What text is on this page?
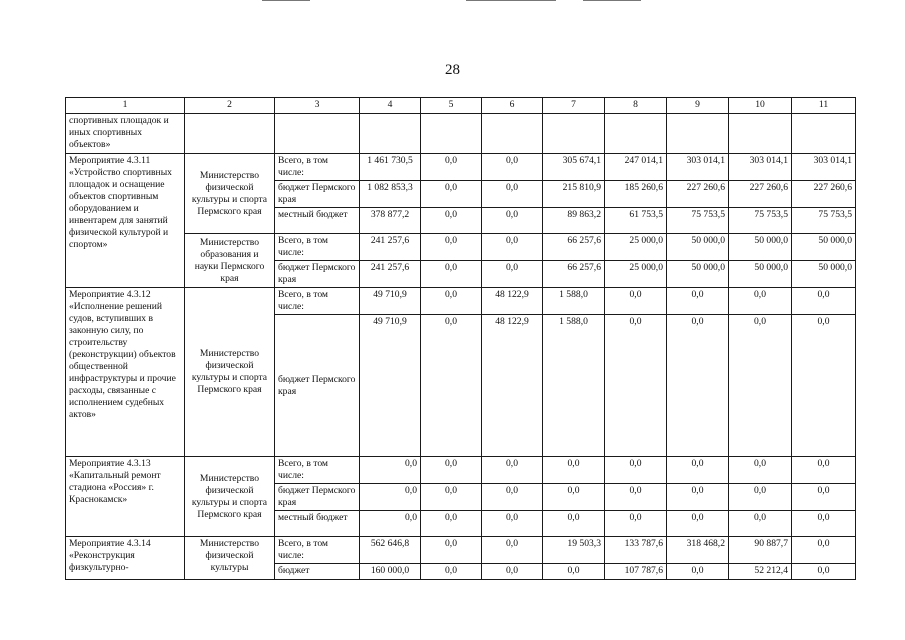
28
1	2	3	4	5	6	7	8	9	10	11
спортивных площадок и иных спортивных объектов»										
Мероприятие 4.3.11 «Устройство спортивных площадок и оснащение объектов спортивным оборудованием и инвентарем для занятий физической культурой и спортом»	Министерство физической культуры и спорта Пермского края	Всего, в том числе:	1 461 730,5	0,0	0,0	305 674,1	247 014,1	303 014,1	303 014,1	303 014,1
		бюджет Пермского края	1 082 853,3	0,0	0,0	215 810,9	185 260,6	227 260,6	227 260,6	227 260,6
		местный бюджет	378 877,2	0,0	0,0	89 863,2	61 753,5	75 753,5	75 753,5	75 753,5
	Министерство образования и науки Пермского края	Всего, в том числе:	241 257,6	0,0	0,0	66 257,6	25 000,0	50 000,0	50 000,0	50 000,0
		бюджет Пермского края	241 257,6	0,0	0,0	66 257,6	25 000,0	50 000,0	50 000,0	50 000,0
Мероприятие 4.3.12 «Исполнение решений судов, вступивших в законную силу, по строительству (реконструкции) объектов общественной инфраструктуры и прочие расходы, связанные с исполнением судебных актов»	Министерство физической культуры и спорта Пермского края	Всего, в том числе:	49 710,9	0,0	48 122,9	1 588,0	0,0	0,0	0,0	0,0
		бюджет Пермского края	49 710,9	0,0	48 122,9	1 588,0	0,0	0,0	0,0	0,0
Мероприятие 4.3.13 «Капитальный ремонт стадиона «Россия» г. Краснокамск»	Министерство физической культуры и спорта Пермского края	Всего, в том числе:	0,0	0,0	0,0	0,0	0,0	0,0	0,0	0,0
		бюджет Пермского края	0,0	0,0	0,0	0,0	0,0	0,0	0,0	0,0
		местный бюджет	0,0	0,0	0,0	0,0	0,0	0,0	0,0	0,0
Мероприятие 4.3.14 «Реконструкция физкультурно-	Министерство физической культуры	Всего, в том числе:	562 646,8	0,0	0,0	19 503,3	133 787,6	318 468,2	90 887,7	0,0
		бюджет	160 000,0	0,0	0,0	0,0	107 787,6	0,0	52 212,4	0,0
